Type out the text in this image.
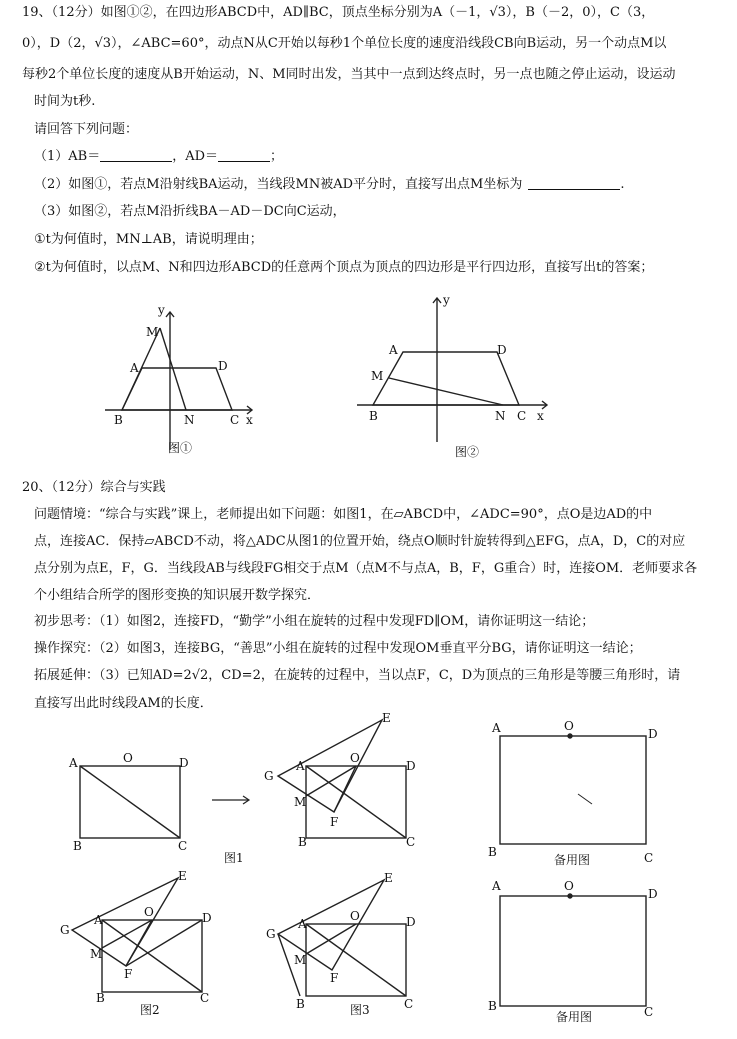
19、（12分）如图①②，在四边形ABCD中，AD∥BC，顶点坐标分别为A（－1，√3），B（－2，0），C（3，
0），D（2，√3），∠ABC=60°，动点N从C开始以每秒1个单位长度的速度沿线段CB向B运动，另一个动点M以
每秒2个单位长度的速度从B开始运动，N、M同时出发，当其中一点到达终点时，另一点也随之停止运动，设运动
时间为t秒.
请回答下列问题：
（1）AB＝	，AD＝	；
（2）如图①，若点M沿射线BA运动，当线段MN被AD平分时，直接写出点M坐标为	.
（3）如图②，若点M沿折线BA－AD－DC向C运动，
①t为何值时，MN⊥AB，请说明理由；
②t为何值时，以点M、N和四边形ABCD的任意两个顶点为顶点的四边形是平行四边形，直接写出t的答案；
y
M
A	D
B	N	C x
图①
y
A	D
M
B	N C x
图②
20、（12分）综合与实践
问题情境：“综合与实践”课上，老师提出如下问题：如图1，在▱ABCD中，∠ADC=90°，点O是边AD的中
点，连接AC．保持▱ABCD不动，将△ADC从图1的位置开始，绕点O顺时针旋转得到△EFG，点A，D，C的对应
点分别为点E，F，G．当线段AB与线段FG相交于点M（点M不与点A，B，F，G重合）时，连接OM．老师要求各
个小组结合所学的图形变换的知识展开数学探究．
初步思考：（1）如图2，连接FD，“勤学”小组在旋转的过程中发现FD∥OM，请你证明这一结论；
操作探究：（2）如图3，连接BG，“善思”小组在旋转的过程中发现OM垂直平分BG，请你证明这一结论；
拓展延伸：（3）已知AD=2√2，CD=2，在旋转的过程中，当以点F，C，D为顶点的三角形是等腰三角形时，请
直接写出此时线段AM的长度．
A	O	D
B	C
图1
E
G
A
O
D
M
F
B	C
A	O
D
B	C
备用图
E
G
A
O	D
M
F
B	C
图2
E
G
A
O	D
M
F
B	C
图3
A	O
D
B	C
备用图
